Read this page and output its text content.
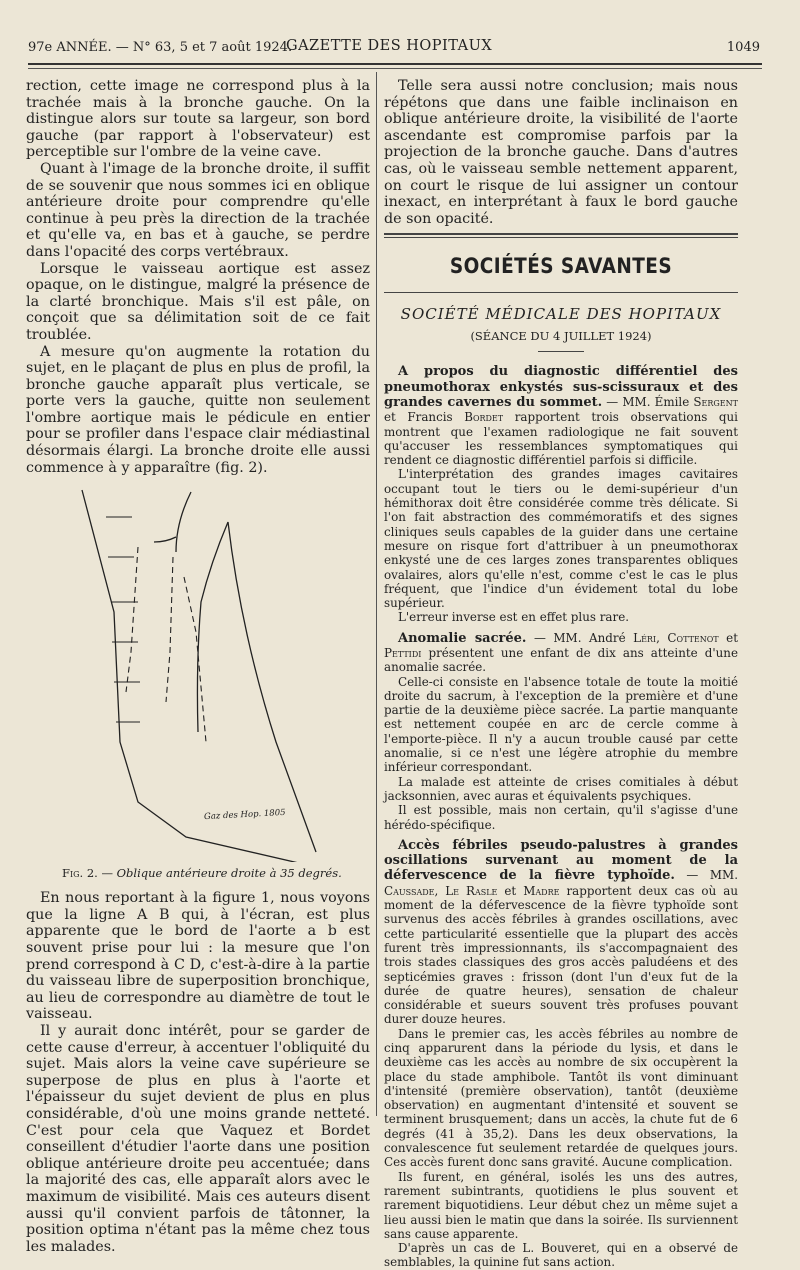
97e ANNÉE. — N° 63, 5 et 7 août 1924.
GAZETTE DES HOPITAUX	1049

rection, cette image ne correspond plus à la trachée mais à la bronche gauche. On la distingue alors sur toute sa largeur, son bord gauche (par rapport à l'observateur) est perceptible sur l'ombre de la veine cave.

Quant à l'image de la bronche droite, il suffit de se souvenir que nous sommes ici en oblique antérieure droite pour comprendre qu'elle continue à peu près la direction de la trachée et qu'elle va, en bas et à gauche, se perdre dans l'opacité des corps vertébraux.

Lorsque le vaisseau aortique est assez opaque, on le distingue, malgré la présence de la clarté bronchique. Mais s'il est pâle, on conçoit que sa délimitation soit de ce fait troublée.

A mesure qu'on augmente la rotation du sujet, en le plaçant de plus en plus de profil, la bronche gauche apparaît plus verticale, se porte vers la gauche, quitte non seulement l'ombre aortique mais le pédicule en entier pour se profiler dans l'espace clair médiastinal désormais élargi. La bronche droite elle aussi commence à y apparaître (fig. 2).

Gaz des Hop. 1805

Fig. 2. — Oblique antérieure droite à 35 degrés.

En nous reportant à la figure 1, nous voyons que la ligne A B qui, à l'écran, est plus apparente que le bord de l'aorte a b est souvent prise pour lui : la mesure que l'on prend correspond à C D, c'est-à-dire à la partie du vaisseau libre de superposition bronchique, au lieu de correspondre au diamètre de tout le vaisseau.

Il y aurait donc intérêt, pour se garder de cette cause d'erreur, à accentuer l'obliquité du sujet. Mais alors la veine cave supérieure se superpose de plus en plus à l'aorte et l'épaisseur du sujet devient de plus en plus considérable, d'où une moins grande netteté. C'est pour cela que Vaquez et Bordet conseillent d'étudier l'aorte dans une position oblique antérieure droite peu accentuée; dans la majorité des cas, elle apparaît alors avec le maximum de visibilité. Mais ces auteurs disent aussi qu'il convient parfois de tâtonner, la position optima n'étant pas la même chez tous les malades.

Telle sera aussi notre conclusion; mais nous répétons que dans une faible inclinaison en oblique antérieure droite, la visibilité de l'aorte ascendante est compromise parfois par la projection de la bronche gauche. Dans d'autres cas, où le vaisseau semble nettement apparent, on court le risque de lui assigner un contour inexact, en interprétant à faux le bord gauche de son opacité.

SOCIÉTÉS SAVANTES
SOCIÉTÉ MÉDICALE DES HOPITAUX
(SÉANCE DU 4 JUILLET 1924)

A propos du diagnostic différentiel des pneumothorax enkystés sus-scissuraux et des grandes cavernes du sommet. — MM. Émile Sergent et Francis Bordet rapportent trois observations qui montrent que l'examen radiologique ne fait souvent qu'accuser les ressemblances symptomatiques qui rendent ce diagnostic différentiel parfois si difficile.

L'interprétation des grandes images cavitaires occupant tout le tiers ou le demi-supérieur d'un hémithorax doit être considérée comme très délicate. Si l'on fait abstraction des commémoratifs et des signes cliniques seuls capables de la guider dans une certaine mesure on risque fort d'attribuer à un pneumothorax enkysté une de ces larges zones transparentes obliques ovalaires, alors qu'elle n'est, comme c'est le cas le plus fréquent, que l'indice d'un évidement total du lobe supérieur.

L'erreur inverse est en effet plus rare.

Anomalie sacrée. — MM. André Léri, Cottenot et Pettidi présentent une enfant de dix ans atteinte d'une anomalie sacrée.

Celle-ci consiste en l'absence totale de toute la moitié droite du sacrum, à l'exception de la première et d'une partie de la deuxième pièce sacrée. La partie manquante est nettement coupée en arc de cercle comme à l'emporte-pièce. Il n'y a aucun trouble causé par cette anomalie, si ce n'est une légère atrophie du membre inférieur correspondant.

La malade est atteinte de crises comitiales à début jacksonnien, avec auras et équivalents psychiques.

Il est possible, mais non certain, qu'il s'agisse d'une hérédo-spécifique.

Accès fébriles pseudo-palustres à grandes oscillations survenant au moment de la défervescence de la fièvre typhoïde. — MM. Caussade, Le Rasle et Madre rapportent deux cas où au moment de la défervescence de la fièvre typhoïde sont survenus des accès fébriles à grandes oscillations, avec cette particularité essentielle que la plupart des accès furent très impressionnants, ils s'accompagnaient des trois stades classiques des gros accès paludéens et des septicémies graves : frisson (dont l'un d'eux fut de la durée de quatre heures), sensation de chaleur considérable et sueurs souvent très profuses pouvant durer douze heures.

Dans le premier cas, les accès fébriles au nombre de cinq apparurent dans la période du lysis, et dans le deuxième cas les accès au nombre de six occupèrent la place du stade amphibole. Tantôt ils vont diminuant d'intensité (première observation), tantôt (deuxième observation) en augmentant d'intensité et souvent se terminent brusquement; dans un accès, la chute fut de 6 degrés (41 à 35,2). Dans les deux observations, la convalescence fut seulement retardée de quelques jours. Ces accès furent donc sans gravité. Aucune complication.

Ils furent, en général, isolés les uns des autres, rarement subintrants, quotidiens le plus souvent et rarement biquotidiens. Leur début chez un même sujet a lieu aussi bien le matin que dans la soirée. Ils surviennent sans cause apparente.

D'après un cas de L. Bouveret, qui en a observé de semblables, la quinine fut sans action.
